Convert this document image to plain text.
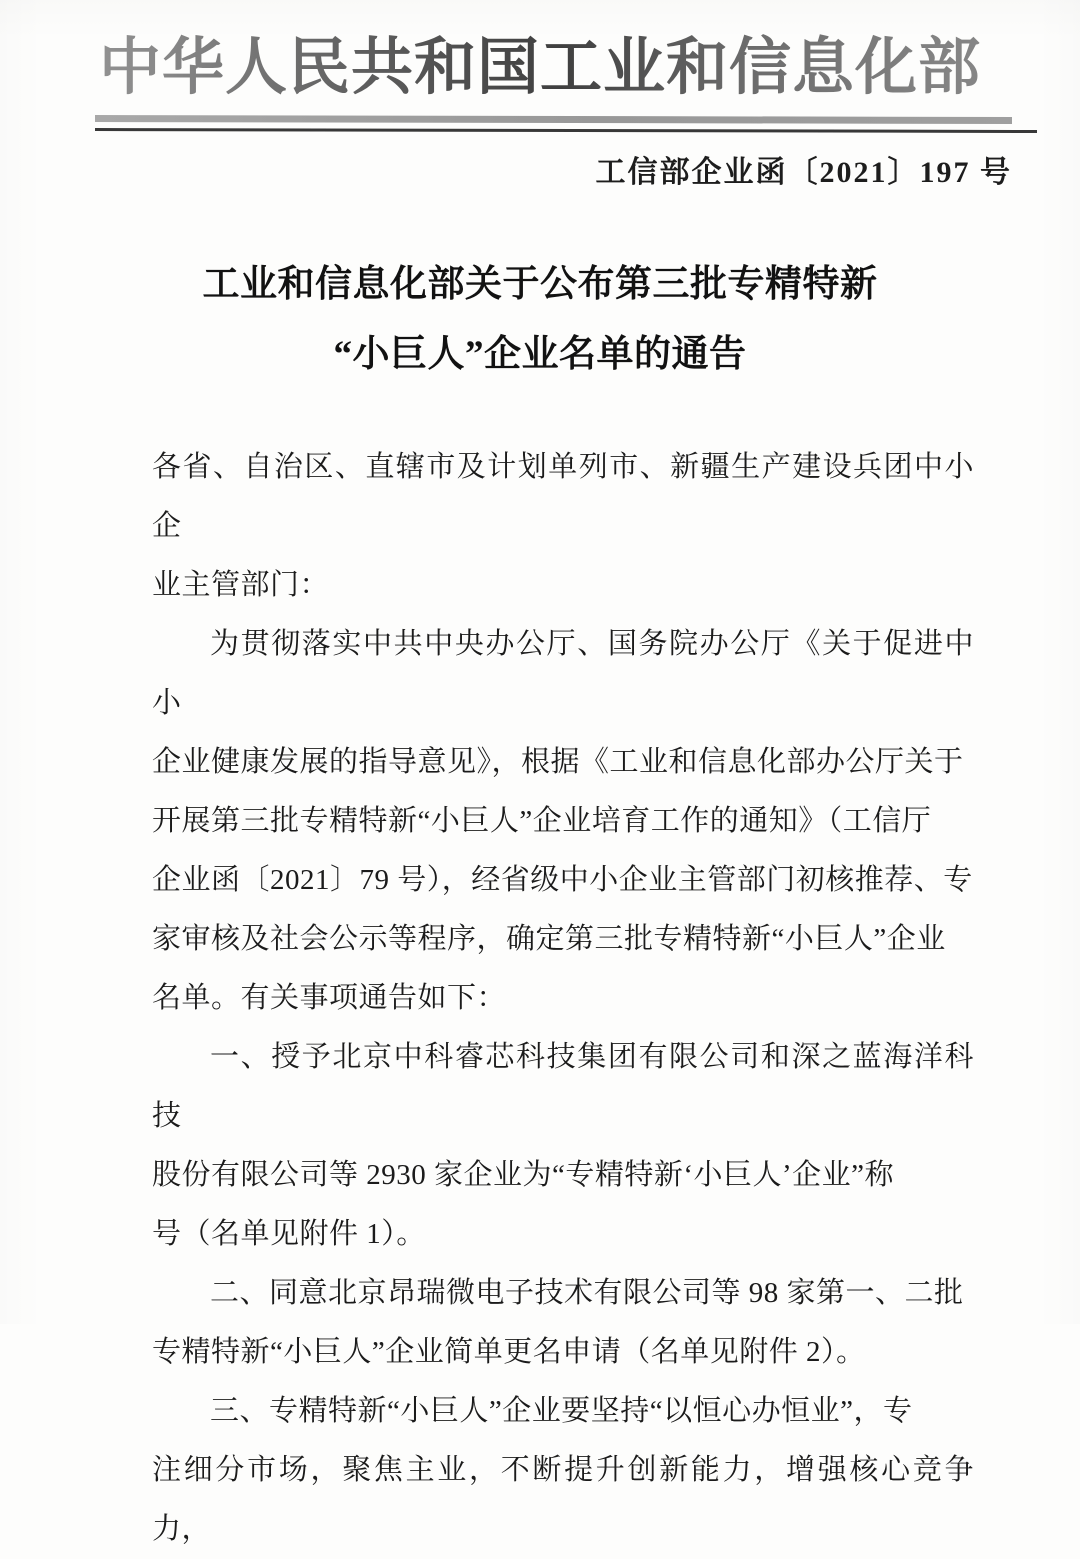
中华人民共和国工业和信息化部
工信部企业函〔2021〕197 号
工业和信息化部关于公布第三批专精特新
“小巨人”企业名单的通告

各省、自治区、直辖市及计划单列市、新疆生产建设兵团中小企
业主管部门：

为贯彻落实中共中央办公厅、国务院办公厅《关于促进中小
企业健康发展的指导意见》，根据《工业和信息化部办公厅关于
开展第三批专精特新“小巨人”企业培育工作的通知》（工信厅
企业函〔2021〕79 号），经省级中小企业主管部门初核推荐、专
家审核及社会公示等程序，确定第三批专精特新“小巨人”企业
名单。有关事项通告如下：

一、授予北京中科睿芯科技集团有限公司和深之蓝海洋科技
股份有限公司等 2930 家企业为“专精特新‘小巨人’企业”称
号（名单见附件 1）。

二、同意北京昂瑞微电子技术有限公司等 98 家第一、二批
专精特新“小巨人”企业简单更名申请（名单见附件 2）。

三、专精特新“小巨人”企业要坚持“以恒心办恒业”，专
注细分市场，聚焦主业，不断提升创新能力，增强核心竞争力，
